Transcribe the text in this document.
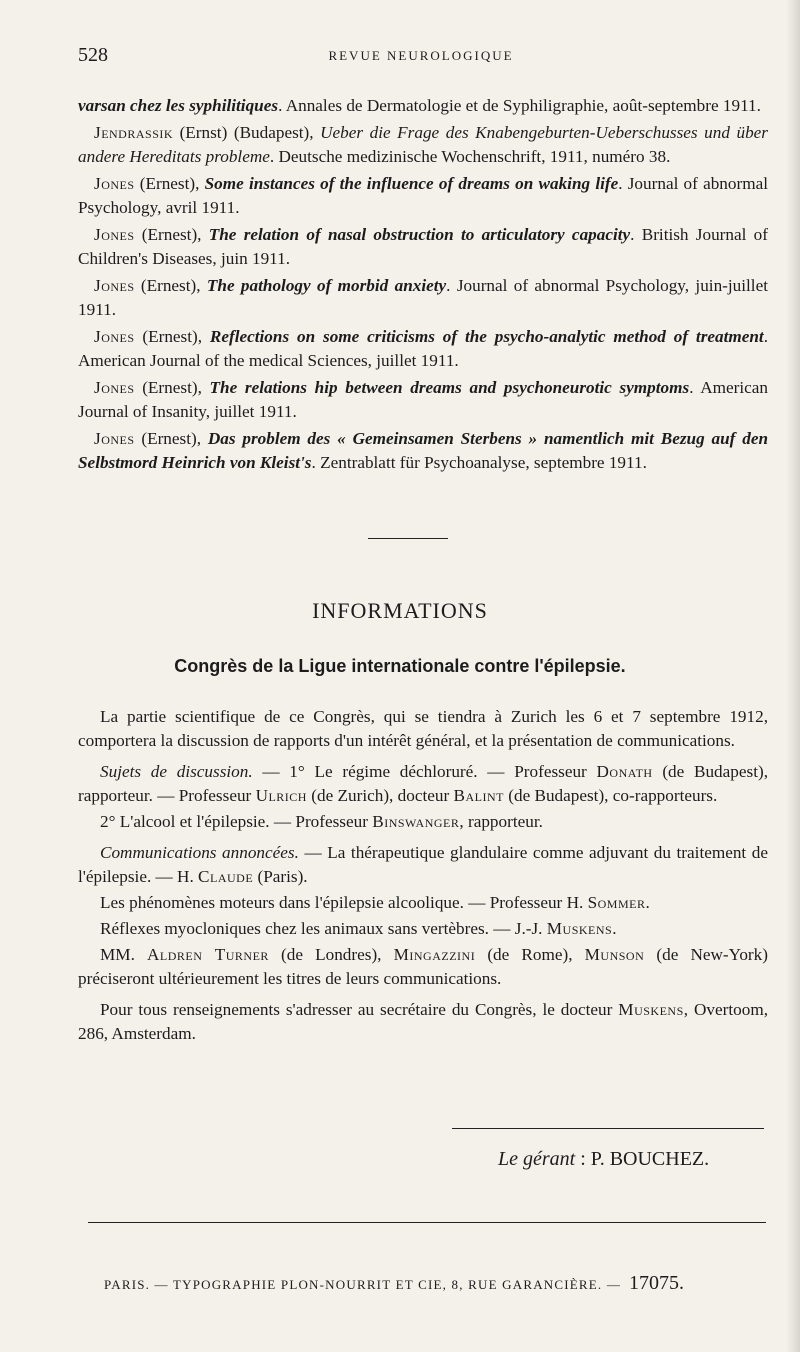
528	REVUE NEUROLOGIQUE

varsan chez les syphilitiques. Annales de Dermatologie et de Syphiligraphie, août-septembre 1911.

Jendrassik (Ernst) (Budapest), Ueber die Frage des Knabengeburten-Ueberschusses und über andere Hereditats probleme. Deutsche medizinische Wochenschrift, 1911, numéro 38.

Jones (Ernest), Some instances of the influence of dreams on waking life. Journal of abnormal Psychology, avril 1911.

Jones (Ernest), The relation of nasal obstruction to articulatory capacity. British Journal of Children's Diseases, juin 1911.

Jones (Ernest), The pathology of morbid anxiety. Journal of abnormal Psychology, juin-juillet 1911.

Jones (Ernest), Reflections on some criticisms of the psycho-analytic method of treatment. American Journal of the medical Sciences, juillet 1911.

Jones (Ernest), The relations hip between dreams and psychoneurotic symptoms. American Journal of Insanity, juillet 1911.

Jones (Ernest), Das problem des « Gemeinsamen Sterbens » namentlich mit Bezug auf den Selbstmord Heinrich von Kleist's. Zentrablatt für Psychoanalyse, septembre 1911.

INFORMATIONS
Congrès de la Ligue internationale contre l'épilepsie.

La partie scientifique de ce Congrès, qui se tiendra à Zurich les 6 et 7 septembre 1912, comportera la discussion de rapports d'un intérêt général, et la présentation de communications.

Sujets de discussion. — 1° Le régime déchloruré. — Professeur Donath (de Budapest), rapporteur. — Professeur Ulrich (de Zurich), docteur Balint (de Budapest), co-rapporteurs.

2° L'alcool et l'épilepsie. — Professeur Binswanger, rapporteur.

Communications annoncées. — La thérapeutique glandulaire comme adjuvant du traitement de l'épilepsie. — H. Claude (Paris).

Les phénomènes moteurs dans l'épilepsie alcoolique. — Professeur H. Sommer.

Réflexes myocloniques chez les animaux sans vertèbres. — J.-J. Muskens.

MM. Aldren Turner (de Londres), Mingazzini (de Rome), Munson (de New-York) préciseront ultérieurement les titres de leurs communications.

Pour tous renseignements s'adresser au secrétaire du Congrès, le docteur Muskens, Overtoom, 286, Amsterdam.

Le gérant : P. BOUCHEZ.
PARIS. — TYPOGRAPHIE PLON-NOURRIT ET CIE, 8, RUE GARANCIÈRE. — 17075.
